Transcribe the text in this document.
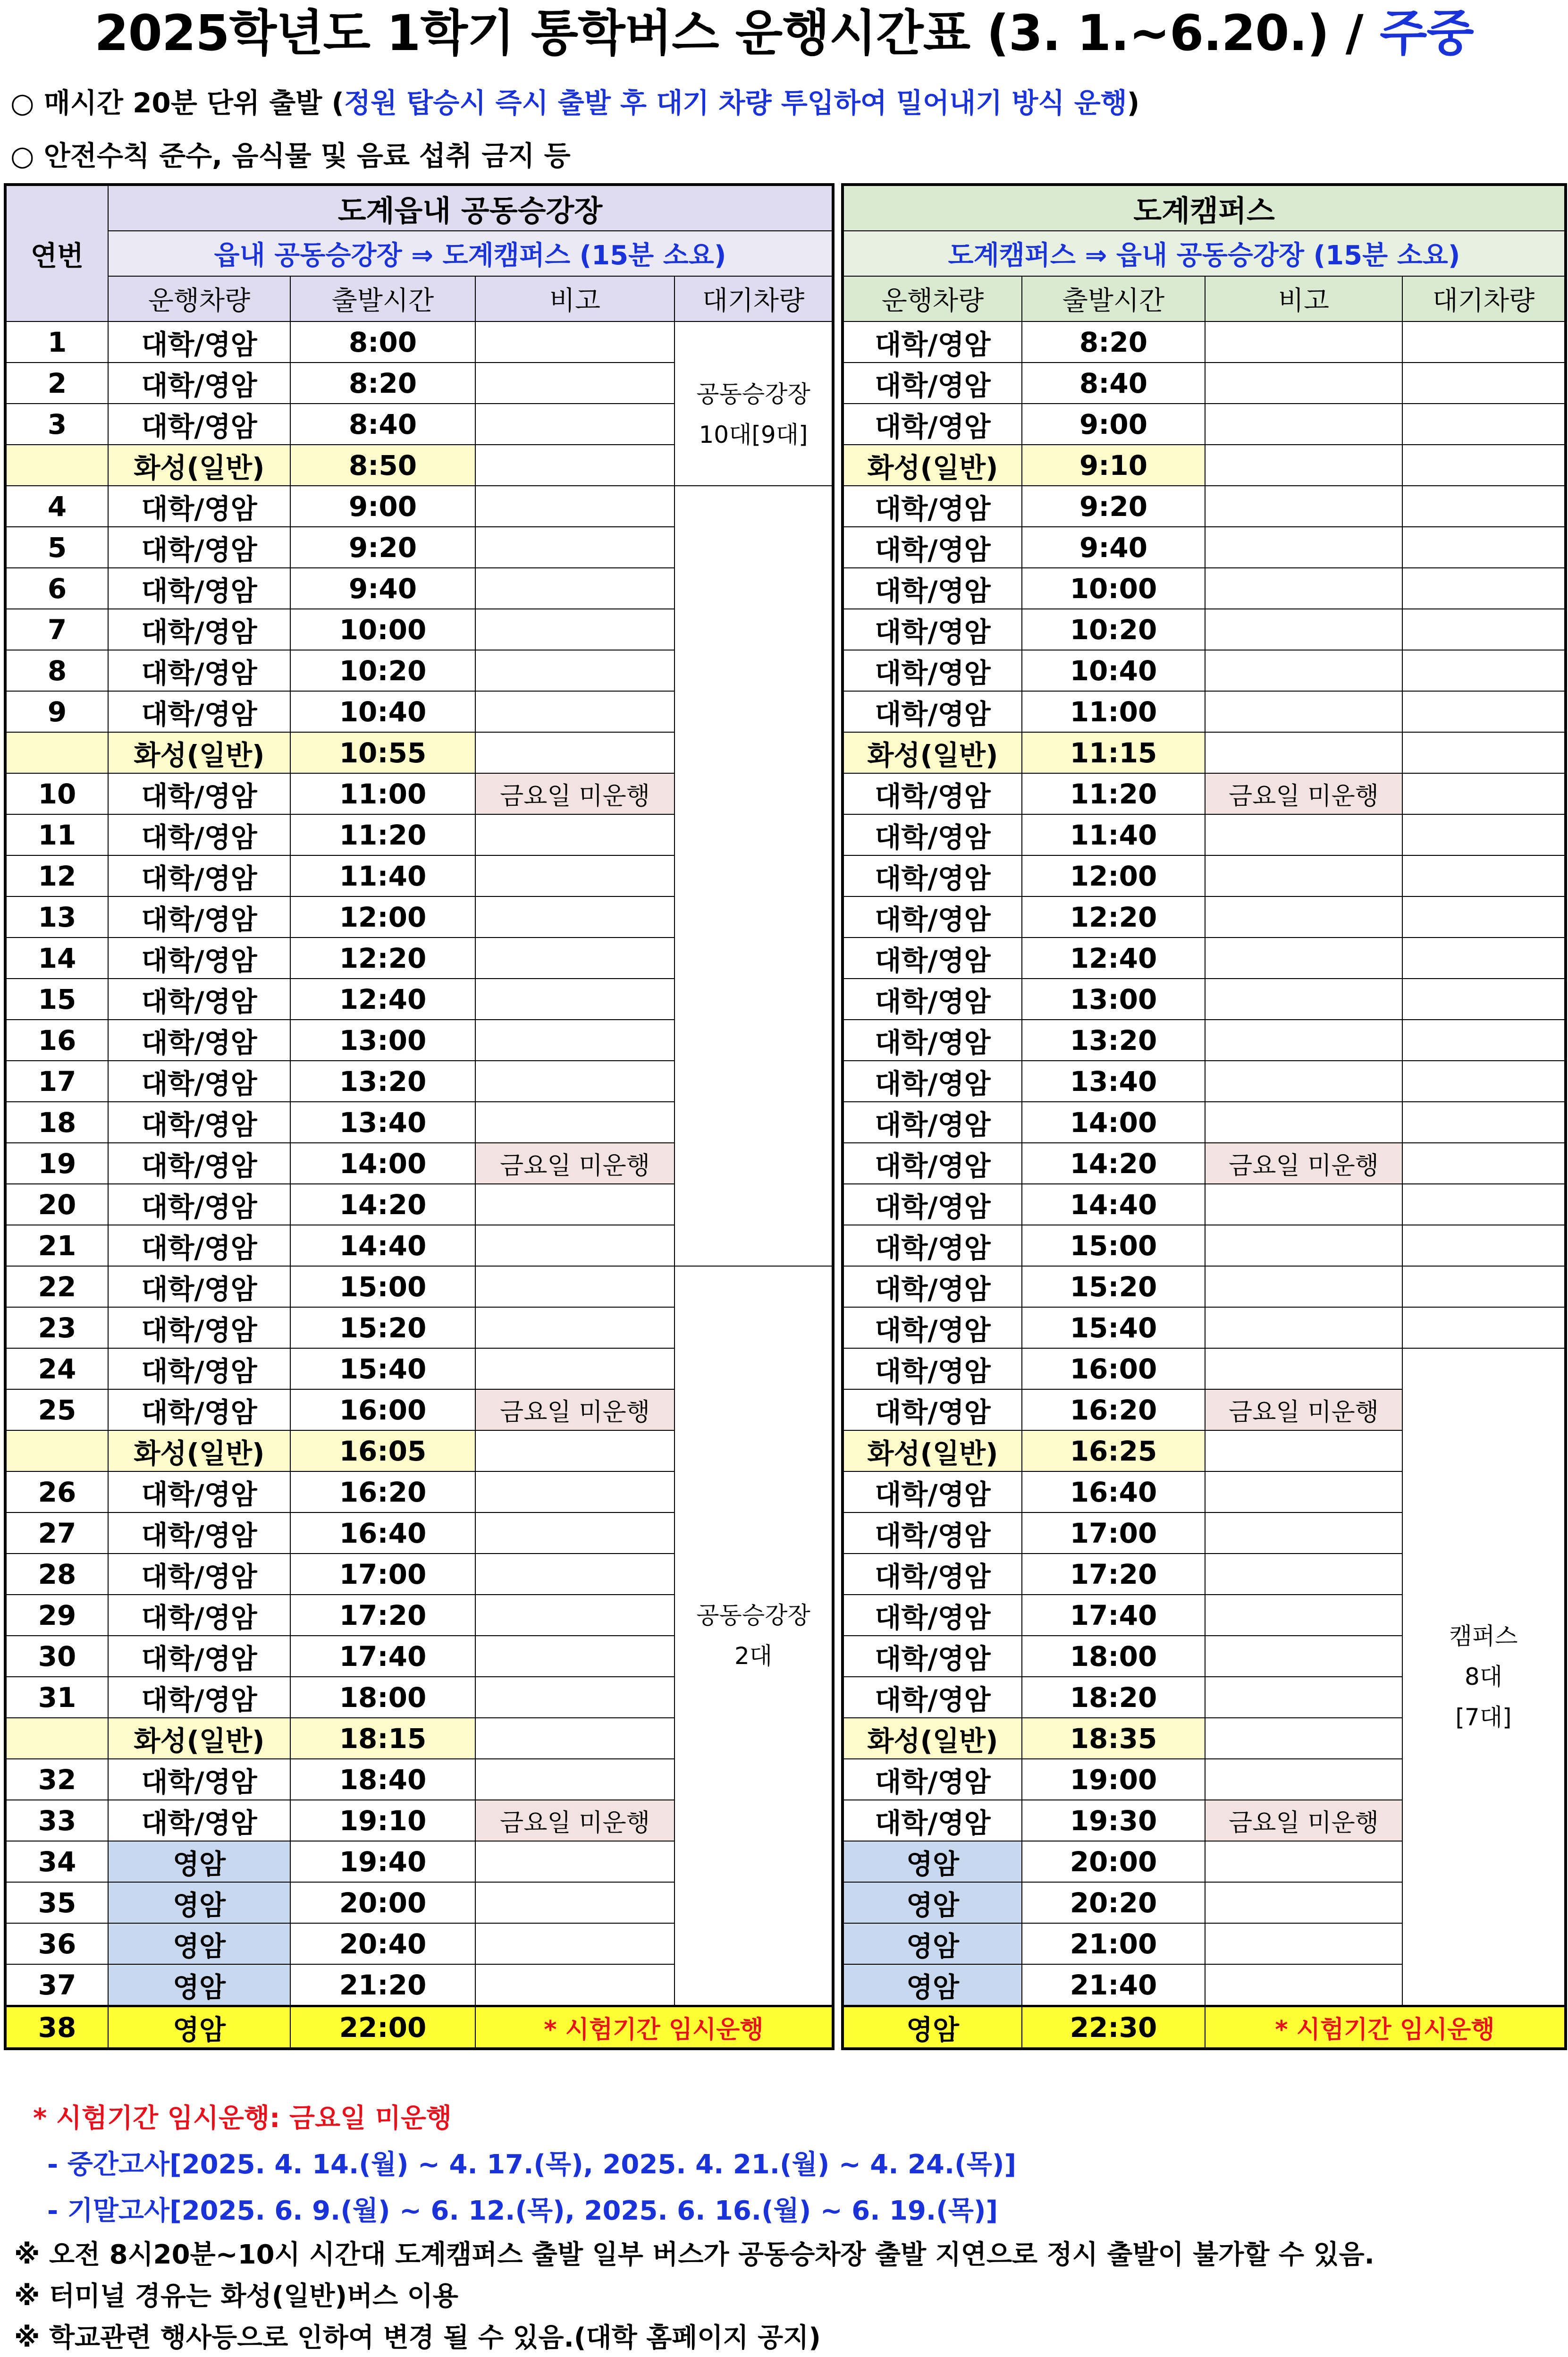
2025학년도 1학기 통학버스 운행시간표 (3. 1.~6.20.) / 주중
○ 매시간 20분 단위 출발 (정원 탑승시 즉시 출발 후 대기 차량 투입하여 밀어내기 방식 운행)
○ 안전수칙 준수, 음식물 및 음료 섭취 금지 등
연번	도계읍내 공동승강장			
	읍내 공동승강장 ⇒ 도계캠퍼스 (15분 소요)			
	운행차량	출발시간	비고	대기차량
1	대학/영암	8:00		공동승강장
10대[9대]

2	대학/영암	8:20		
3	대학/영암	8:40		
	화성(일반)	8:50		
4	대학/영암	9:00		
5	대학/영암	9:20		
6	대학/영암	9:40		
7	대학/영암	10:00		
8	대학/영암	10:20		
9	대학/영암	10:40		
	화성(일반)	10:55		
10	대학/영암	11:00	금요일 미운행	
11	대학/영암	11:20		
12	대학/영암	11:40		
13	대학/영암	12:00		
14	대학/영암	12:20		
15	대학/영암	12:40		
16	대학/영암	13:00		
17	대학/영암	13:20		
18	대학/영암	13:40		
19	대학/영암	14:00	금요일 미운행	
20	대학/영암	14:20		
21	대학/영암	14:40		
22	대학/영암	15:00		공동승강장
2대

23	대학/영암	15:20		
24	대학/영암	15:40		
25	대학/영암	16:00	금요일 미운행	
	화성(일반)	16:05		
26	대학/영암	16:20		
27	대학/영암	16:40		
28	대학/영암	17:00		
29	대학/영암	17:20		
30	대학/영암	17:40		
31	대학/영암	18:00		
	화성(일반)	18:15		
32	대학/영암	18:40		
33	대학/영암	19:10	금요일 미운행	
34	영암	19:40		
35	영암	20:00		
36	영암	20:40		
37	영암	21:20		
38	영암	22:00	* 시험기간 임시운행	
도계캠퍼스			
도계캠퍼스 ⇒ 읍내 공동승강장 (15분 소요)			
운행차량	출발시간	비고	대기차량
대학/영암	8:20		
대학/영암	8:40		
대학/영암	9:00		
화성(일반)	9:10		
대학/영암	9:20		
대학/영암	9:40		
대학/영암	10:00		
대학/영암	10:20		
대학/영암	10:40		
대학/영암	11:00		
화성(일반)	11:15		
대학/영암	11:20	금요일 미운행	
대학/영암	11:40		
대학/영암	12:00		
대학/영암	12:20		
대학/영암	12:40		
대학/영암	13:00		
대학/영암	13:20		
대학/영암	13:40		
대학/영암	14:00		
대학/영암	14:20	금요일 미운행	
대학/영암	14:40		
대학/영암	15:00		
대학/영암	15:20		
대학/영암	15:40		
대학/영암	16:00		캠퍼스
8대
[7대]

대학/영암	16:20	금요일 미운행	
화성(일반)	16:25		
대학/영암	16:40		
대학/영암	17:00		
대학/영암	17:20		
대학/영암	17:40		
대학/영암	18:00		
대학/영암	18:20		
화성(일반)	18:35		
대학/영암	19:00		
대학/영암	19:30	금요일 미운행	
영암	20:00		
영암	20:20		
영암	21:00		
영암	21:40		
영암	22:30	* 시험기간 임시운행	
* 시험기간 임시운행: 금요일 미운행
- 중간고사[2025. 4. 14.(월) ~ 4. 17.(목), 2025. 4. 21.(월) ~ 4. 24.(목)]
- 기말고사[2025. 6. 9.(월) ~ 6. 12.(목), 2025. 6. 16.(월) ~ 6. 19.(목)]
※ 오전 8시20분~10시 시간대 도계캠퍼스 출발 일부 버스가 공동승차장 출발 지연으로 정시 출발이 불가할 수 있음.
※ 터미널 경유는 화성(일반)버스 이용
※ 학교관련 행사등으로 인하여 변경 될 수 있음.(대학 홈페이지 공지)
